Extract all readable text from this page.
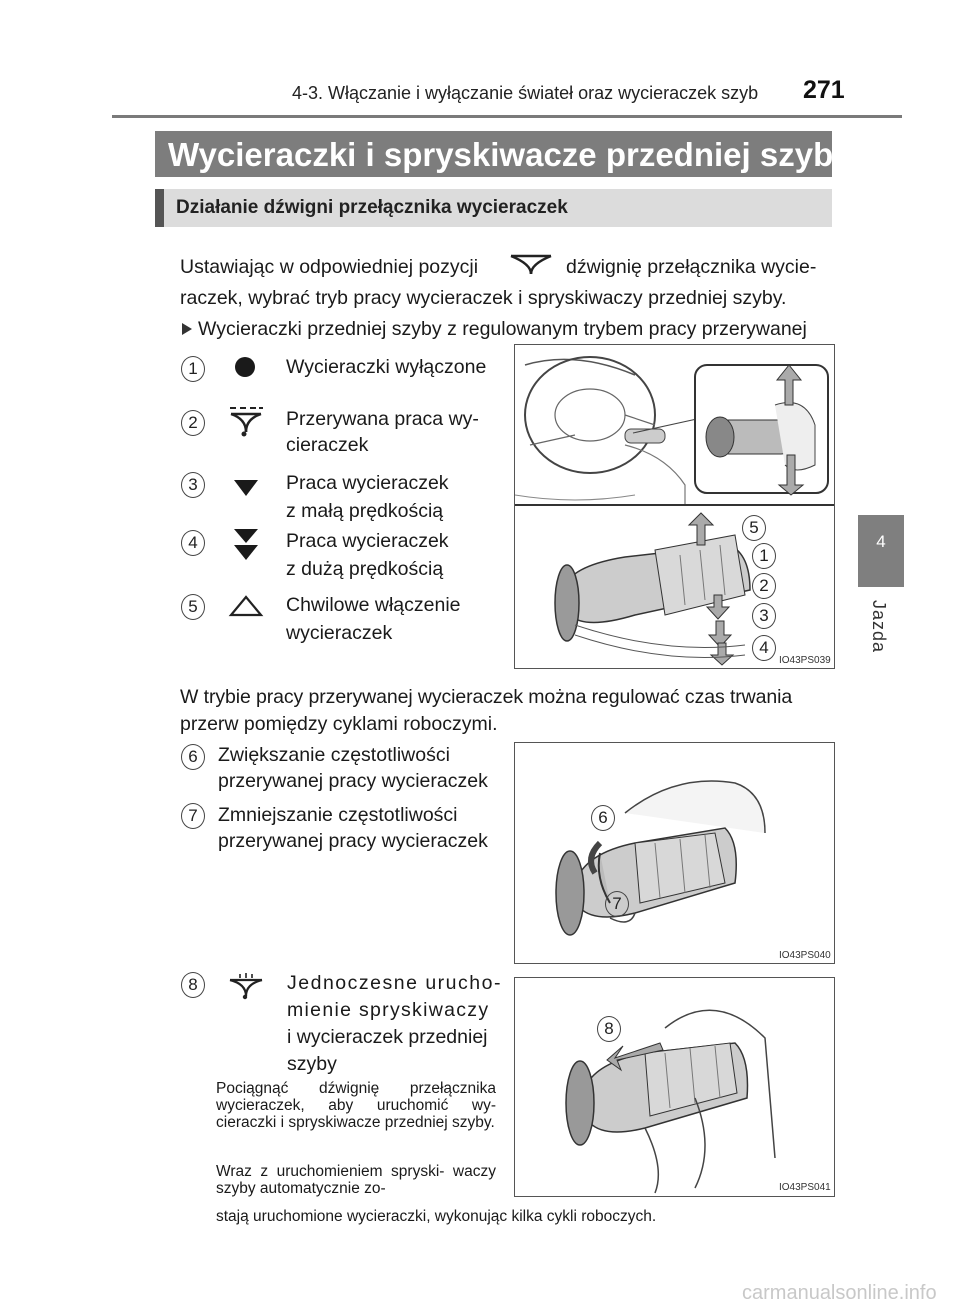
4-3. Włączanie i wyłączanie świateł oraz wycieraczek szyb 271
4
Jazda
Wycieraczki i spryskiwacze przedniej szyby
Działanie dźwigni przełącznika wycieraczek
Ustawiając w odpowiedniej pozycji	dźwignię przełącznika wycie-
raczek, wybrać tryb pracy wycieraczek i spryskiwaczy przedniej szyby.
Wycieraczki przedniej szyby z regulowanym trybem pracy przerywanej
1	Wycieraczki wyłączone
2	Przerywana praca wy-
cieraczek
3	Praca wycieraczek
z małą prędkością
4	Praca wycieraczek
z dużą prędkością
5	Chwilowe włączenie
wycieraczek
5
1
2
3
4
IO43PS039
W trybie pracy przerywanej wycieraczek można regulować czas trwania
przerw pomiędzy cyklami roboczymi.
6	Zwiększanie częstotliwości
przerywanej pracy wycieraczek
7	Zmniejszanie częstotliwości
przerywanej pracy wycieraczek
6
7
IO43PS040
8	Jednoczesne urucho-
mienie spryskiwaczy
i wycieraczek przedniej
szyby
Pociągnąć dźwignię przełącznika wycieraczek, aby uruchomić wy- cieraczki i spryskiwacze przedniej szyby.
Wraz z uruchomieniem spryski- waczy szyby automatycznie zo-
stają uruchomione wycieraczki, wykonując kilka cykli roboczych.
8
IO43PS041
carmanualsonline.info
